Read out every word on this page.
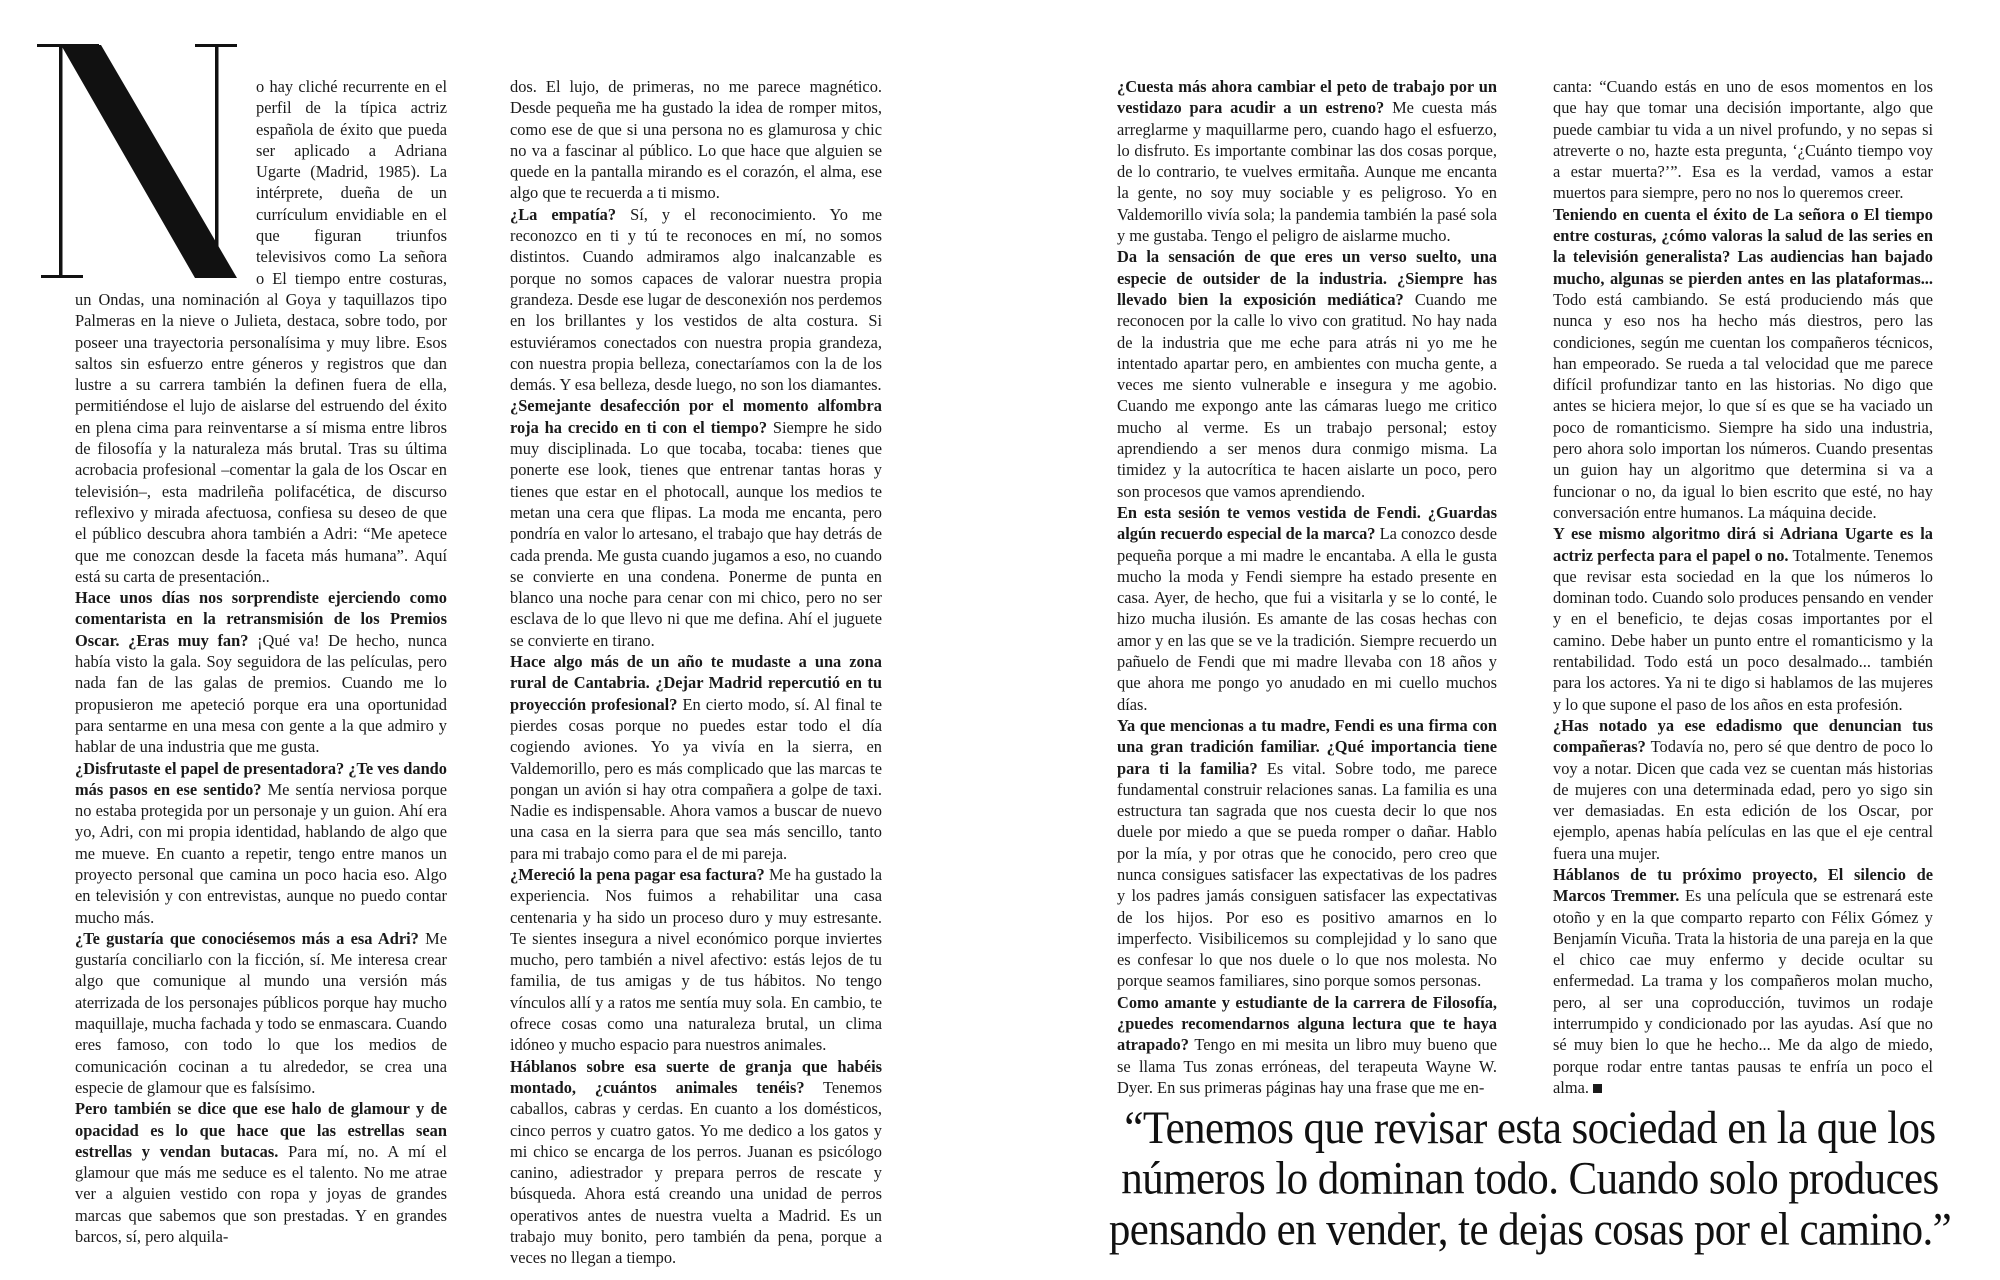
o hay cliché recurrente en el perfil de la típica actriz española de éxito que pueda ser aplicado a Adriana Ugarte (Madrid, 1985). La intérprete, dueña de un currículum envidiable en el que figuran triunfos televisivos como La señora o El tiempo entre costuras, un Ondas, una nominación al Goya y taquillazos tipo Palmeras en la nieve o Julieta, destaca, sobre todo, por poseer una trayectoria personalísima y muy libre. Esos saltos sin esfuerzo entre géneros y registros que dan lustre a su carrera también la definen fuera de ella, permitiéndose el lujo de aislarse del estruendo del éxito en plena cima para reinventarse a sí misma entre libros de filosofía y la naturaleza más brutal. Tras su última acrobacia profesional –comentar la gala de los Oscar en televisión–, esta madrileña polifacética, de discurso reflexivo y mirada afectuosa, confiesa su deseo de que el público descubra ahora también a Adri: “Me apetece que me conozcan desde la faceta más humana”. Aquí está su carta de presentación..

Hace unos días nos sorprendiste ejerciendo como comentarista en la retransmisión de los Premios Oscar. ¿Eras muy fan? ¡Qué va! De hecho, nunca había visto la gala. Soy seguidora de las películas, pero nada fan de las galas de premios. Cuando me lo propusieron me apeteció porque era una oportunidad para sentarme en una mesa con gente a la que admiro y hablar de una industria que me gusta.

¿Disfrutaste el papel de presentadora? ¿Te ves dando más pasos en ese sentido? Me sentía nerviosa porque no estaba protegida por un personaje y un guion. Ahí era yo, Adri, con mi propia identidad, hablando de algo que me mueve. En cuanto a repetir, tengo entre manos un proyecto personal que camina un poco hacia eso. Algo en televisión y con entrevistas, aunque no puedo contar mucho más.

¿Te gustaría que conociésemos más a esa Adri? Me gustaría conciliarlo con la ficción, sí. Me interesa crear algo que comunique al mundo una versión más aterrizada de los personajes públicos porque hay mucho maquillaje, mucha fachada y todo se enmascara. Cuando eres famoso, con todo lo que los medios de comunicación cocinan a tu alrededor, se crea una especie de glamour que es falsísimo.

Pero también se dice que ese halo de glamour y de opacidad es lo que hace que las estrellas sean estrellas y vendan butacas. Para mí, no. A mí el glamour que más me seduce es el talento. No me atrae ver a alguien vestido con ropa y joyas de grandes marcas que sabemos que son prestadas. Y en grandes barcos, sí, pero alquila-

dos. El lujo, de primeras, no me parece magnético. Desde pequeña me ha gustado la idea de romper mitos, como ese de que si una persona no es glamurosa y chic no va a fascinar al público. Lo que hace que alguien se quede en la pantalla mirando es el corazón, el alma, ese algo que te recuerda a ti mismo.

¿La empatía? Sí, y el reconocimiento. Yo me reconozco en ti y tú te reconoces en mí, no somos distintos. Cuando admiramos algo inalcanzable es porque no somos capaces de valorar nuestra propia grandeza. Desde ese lugar de desconexión nos perdemos en los brillantes y los vestidos de alta costura. Si estuviéramos conectados con nuestra propia grandeza, con nuestra propia belleza, conectaríamos con la de los demás. Y esa belleza, desde luego, no son los diamantes.

¿Semejante desafección por el momento alfombra roja ha crecido en ti con el tiempo? Siempre he sido muy disciplinada. Lo que tocaba, tocaba: tienes que ponerte ese look, tienes que entrenar tantas horas y tienes que estar en el photocall, aunque los medios te metan una cera que flipas. La moda me encanta, pero pondría en valor lo artesano, el trabajo que hay detrás de cada prenda. Me gusta cuando jugamos a eso, no cuando se convierte en una condena. Ponerme de punta en blanco una noche para cenar con mi chico, pero no ser esclava de lo que llevo ni que me defina. Ahí el juguete se convierte en tirano.

Hace algo más de un año te mudaste a una zona rural de Cantabria. ¿Dejar Madrid repercutió en tu proyección profesional? En cierto modo, sí. Al final te pierdes cosas porque no puedes estar todo el día cogiendo aviones. Yo ya vivía en la sierra, en Valdemorillo, pero es más complicado que las marcas te pongan un avión si hay otra compañera a golpe de taxi. Nadie es indispensable. Ahora vamos a buscar de nuevo una casa en la sierra para que sea más sencillo, tanto para mi trabajo como para el de mi pareja.

¿Mereció la pena pagar esa factura? Me ha gustado la experiencia. Nos fuimos a rehabilitar una casa centenaria y ha sido un proceso duro y muy estresante. Te sientes insegura a nivel económico porque inviertes mucho, pero también a nivel afectivo: estás lejos de tu familia, de tus amigas y de tus hábitos. No tengo vínculos allí y a ratos me sentía muy sola. En cambio, te ofrece cosas como una naturaleza brutal, un clima idóneo y mucho espacio para nuestros animales.

Háblanos sobre esa suerte de granja que habéis montado, ¿cuántos animales tenéis? Tenemos caballos, cabras y cerdas. En cuanto a los domésticos, cinco perros y cuatro gatos. Yo me dedico a los gatos y mi chico se encarga de los perros. Juanan es psicólogo canino, adiestrador y prepara perros de rescate y búsqueda. Ahora está creando una unidad de perros operativos antes de nuestra vuelta a Madrid. Es un trabajo muy bonito, pero también da pena, porque a veces no llegan a tiempo.

¿Cuesta más ahora cambiar el peto de trabajo por un vestidazo para acudir a un estreno? Me cuesta más arreglarme y maquillarme pero, cuando hago el esfuerzo, lo disfruto. Es importante combinar las dos cosas porque, de lo contrario, te vuelves ermitaña. Aunque me encanta la gente, no soy muy sociable y es peligroso. Yo en Valdemorillo vivía sola; la pandemia también la pasé sola y me gustaba. Tengo el peligro de aislarme mucho.

Da la sensación de que eres un verso suelto, una especie de outsider de la industria. ¿Siempre has llevado bien la exposición mediática? Cuando me reconocen por la calle lo vivo con gratitud. No hay nada de la industria que me eche para atrás ni yo me he intentado apartar pero, en ambientes con mucha gente, a veces me siento vulnerable e insegura y me agobio. Cuando me expongo ante las cámaras luego me critico mucho al verme. Es un trabajo personal; estoy aprendiendo a ser menos dura conmigo misma. La timidez y la autocrítica te hacen aislarte un poco, pero son procesos que vamos aprendiendo.

En esta sesión te vemos vestida de Fendi. ¿Guardas algún recuerdo especial de la marca? La conozco desde pequeña porque a mi madre le encantaba. A ella le gusta mucho la moda y Fendi siempre ha estado presente en casa. Ayer, de hecho, que fui a visitarla y se lo conté, le hizo mucha ilusión. Es amante de las cosas hechas con amor y en las que se ve la tradición. Siempre recuerdo un pañuelo de Fendi que mi madre llevaba con 18 años y que ahora me pongo yo anudado en mi cuello muchos días.

Ya que mencionas a tu madre, Fendi es una firma con una gran tradición familiar. ¿Qué importancia tiene para ti la familia? Es vital. Sobre todo, me parece fundamental construir relaciones sanas. La familia es una estructura tan sagrada que nos cuesta decir lo que nos duele por miedo a que se pueda romper o dañar. Hablo por la mía, y por otras que he conocido, pero creo que nunca consigues satisfacer las expectativas de los padres y los padres jamás consiguen satisfacer las expectativas de los hijos. Por eso es positivo amarnos en lo imperfecto. Visibilicemos su complejidad y lo sano que es confesar lo que nos duele o lo que nos molesta. No porque seamos familiares, sino porque somos personas.

Como amante y estudiante de la carrera de Filosofía, ¿puedes recomendarnos alguna lectura que te haya atrapado? Tengo en mi mesita un libro muy bueno que se llama Tus zonas erróneas, del terapeuta Wayne W. Dyer. En sus primeras páginas hay una frase que me en-

canta: “Cuando estás en uno de esos momentos en los que hay que tomar una decisión importante, algo que puede cambiar tu vida a un nivel profundo, y no sepas si atreverte o no, hazte esta pregunta, ‘¿Cuánto tiempo voy a estar muerta?’”. Esa es la verdad, vamos a estar muertos para siempre, pero no nos lo queremos creer.

Teniendo en cuenta el éxito de La señora o El tiempo entre costuras, ¿cómo valoras la salud de las series en la televisión generalista? Las audiencias han bajado mucho, algunas se pierden antes en las plataformas... Todo está cambiando. Se está produciendo más que nunca y eso nos ha hecho más diestros, pero las condiciones, según me cuentan los compañeros técnicos, han empeorado. Se rueda a tal velocidad que me parece difícil profundizar tanto en las historias. No digo que antes se hiciera mejor, lo que sí es que se ha vaciado un poco de romanticismo. Siempre ha sido una industria, pero ahora solo importan los números. Cuando presentas un guion hay un algoritmo que determina si va a funcionar o no, da igual lo bien escrito que esté, no hay conversación entre humanos. La máquina decide.

Y ese mismo algoritmo dirá si Adriana Ugarte es la actriz perfecta para el papel o no. Totalmente. Tenemos que revisar esta sociedad en la que los números lo dominan todo. Cuando solo produces pensando en vender y en el beneficio, te dejas cosas importantes por el camino. Debe haber un punto entre el romanticismo y la rentabilidad. Todo está un poco desalmado... también para los actores. Ya ni te digo si hablamos de las mujeres y lo que supone el paso de los años en esta profesión.

¿Has notado ya ese edadismo que denuncian tus compañeras? Todavía no, pero sé que dentro de poco lo voy a notar. Dicen que cada vez se cuentan más historias de mujeres con una determinada edad, pero yo sigo sin ver demasiadas. En esta edición de los Oscar, por ejemplo, apenas había películas en las que el eje central fuera una mujer.

Háblanos de tu próximo proyecto, El silencio de Marcos Tremmer. Es una película que se estrenará este otoño y en la que comparto reparto con Félix Gómez y Benjamín Vicuña. Trata la historia de una pareja en la que el chico cae muy enfermo y decide ocultar su enfermedad. La trama y los compañeros molan mucho, pero, al ser una coproducción, tuvimos un rodaje interrumpido y condicionado por las ayudas. Así que no sé muy bien lo que he hecho... Me da algo de miedo, porque rodar entre tantas pausas te enfría un poco el alma.

“Tenemos que revisar esta sociedad en la que los números lo dominan todo. Cuando solo produces pensando en vender, te dejas cosas por el camino.”
